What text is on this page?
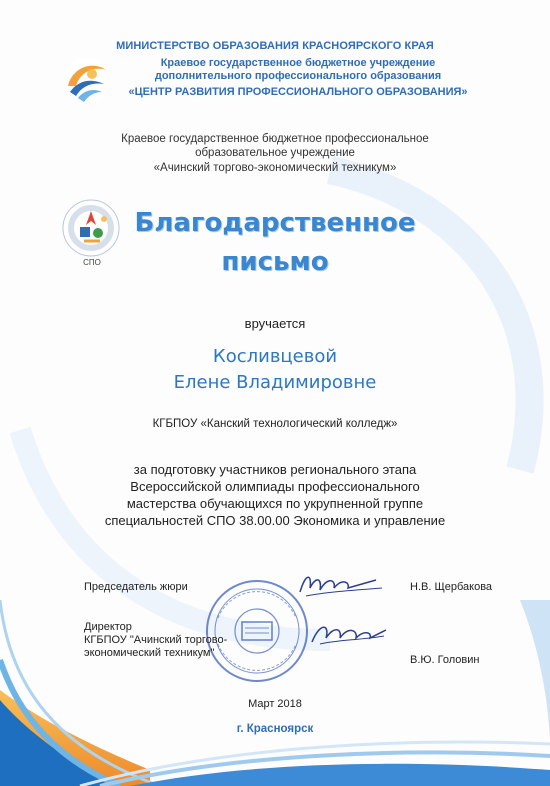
МИНИСТЕРСТВО ОБРАЗОВАНИЯ КРАСНОЯРСКОГО КРАЯ
Краевое государственное бюджетное учреждение
дополнительного профессионального образования
«ЦЕНТР РАЗВИТИЯ ПРОФЕССИОНАЛЬНОГО ОБРАЗОВАНИЯ»
Краевое государственное бюджетное профессиональное
образовательное учреждение
«Ачинский торгово-экономический техникум»
СПО
Благодарственное
письмо
вручается
Косливцевой
Елене Владимировне
КГБПОУ «Канский технологический колледж»
за подготовку участников регионального этапа
Всероссийской олимпиады профессионального
мастерства обучающихся по укрупненной группе
специальностей СПО 38.00.00 Экономика и управление
Председатель жюри	Н.В. Щербакова
Директор
КГБПОУ "Ачинский торгово-
экономический техникум"
В.Ю. Головин
Март 2018
г. Красноярск
